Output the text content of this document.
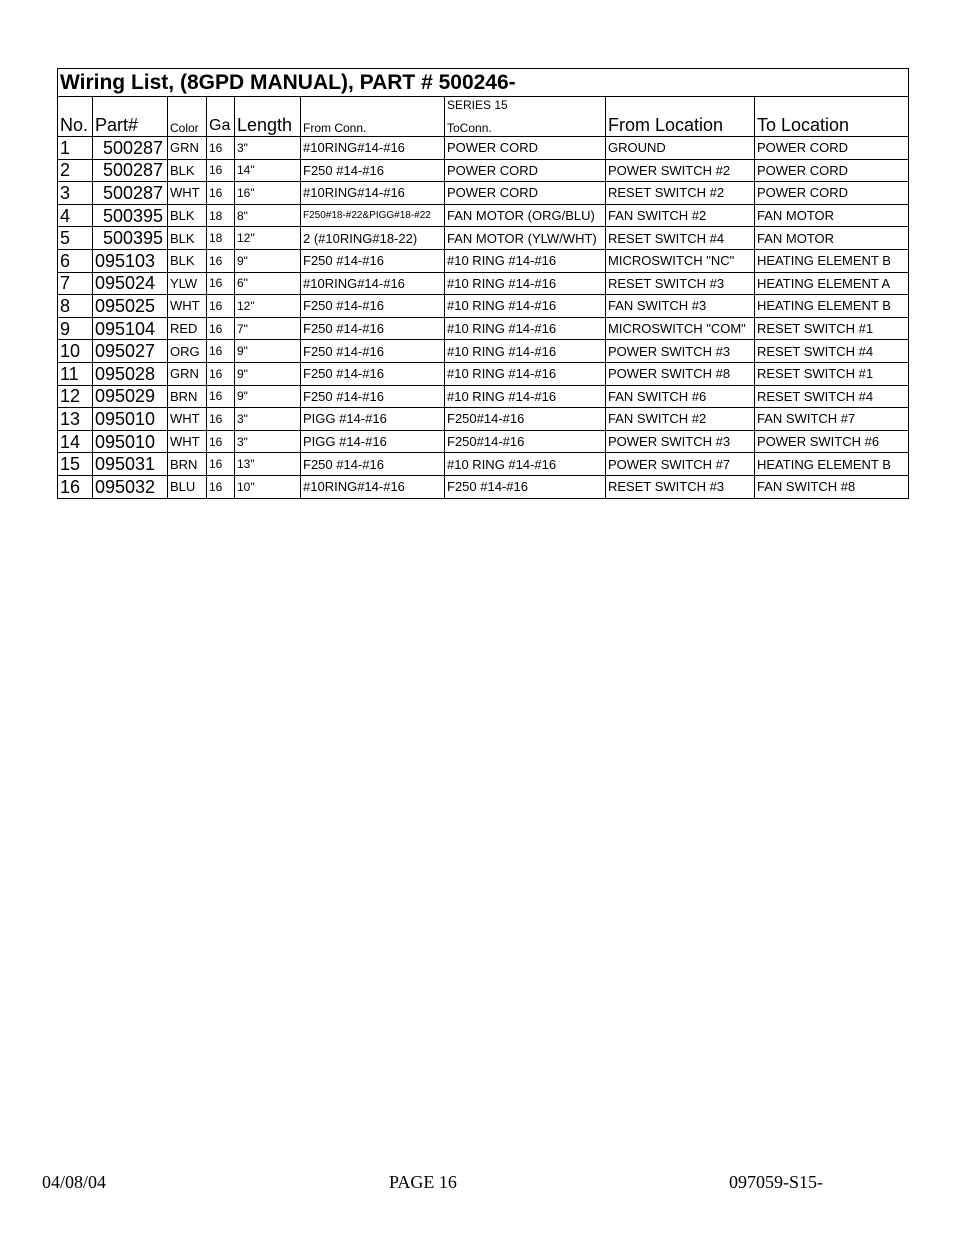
Wiring List, (8GPD MANUAL), PART # 500246-								
						SERIES 15		
No.	Part#	Color	Ga	Length	From Conn.	ToConn.	From Location	To Location
1	500287	GRN	16	3"	#10RING#14-#16	POWER CORD	GROUND	POWER CORD
2	500287	BLK	16	14"	F250 #14-#16	POWER CORD	POWER SWITCH #2	POWER CORD
3	500287	WHT	16	16"	#10RING#14-#16	POWER CORD	RESET SWITCH #2	POWER CORD
4	500395	BLK	18	8"	F250#18-#22&PIGG#18-#22	FAN MOTOR (ORG/BLU)	FAN SWITCH #2	FAN MOTOR
5	500395	BLK	18	12"	2 (#10RING#18-22)	FAN MOTOR (YLW/WHT)	RESET SWITCH #4	FAN MOTOR
6	095103	BLK	16	9"	F250 #14-#16	#10 RING #14-#16	MICROSWITCH "NC"	HEATING ELEMENT B
7	095024	YLW	16	6"	#10RING#14-#16	#10 RING #14-#16	RESET SWITCH #3	HEATING ELEMENT A
8	095025	WHT	16	12"	F250 #14-#16	#10 RING #14-#16	FAN SWITCH #3	HEATING ELEMENT B
9	095104	RED	16	7"	F250 #14-#16	#10 RING #14-#16	MICROSWITCH "COM"	RESET SWITCH #1
10	095027	ORG	16	9"	F250 #14-#16	#10 RING #14-#16	POWER SWITCH #3	RESET SWITCH #4
11	095028	GRN	16	9"	F250 #14-#16	#10 RING #14-#16	POWER SWITCH #8	RESET SWITCH #1
12	095029	BRN	16	9"	F250 #14-#16	#10 RING #14-#16	FAN SWITCH #6	RESET SWITCH #4
13	095010	WHT	16	3"	PIGG #14-#16	F250#14-#16	FAN SWITCH #2	FAN SWITCH #7
14	095010	WHT	16	3"	PIGG #14-#16	F250#14-#16	POWER SWITCH #3	POWER SWITCH #6
15	095031	BRN	16	13"	F250 #14-#16	#10 RING #14-#16	POWER SWITCH #7	HEATING ELEMENT B
16	095032	BLU	16	10"	#10RING#14-#16	F250 #14-#16	RESET SWITCH #3	FAN SWITCH #8
04/08/04	PAGE 16	097059-S15-
